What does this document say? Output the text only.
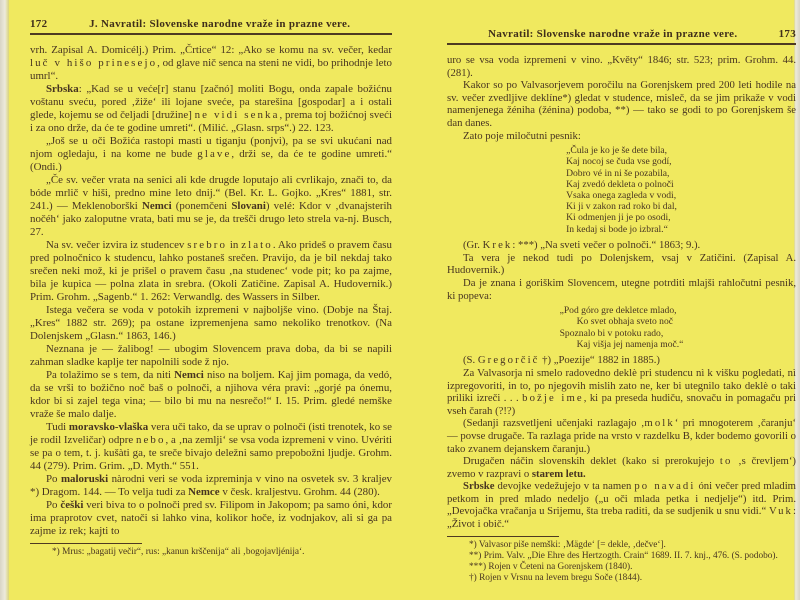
172	J. Navratil: Slovenske narodne vraže in prazne vere.

vrh. Zapisal A. Domicélj.) Prim. „Črtice“ 12: „Ako se komu na sv. večer, kedar luč v hišo prinesejo, od glave nič senca na steni ne vidi, bo prihodnje leto umrl“.

Srbska: „Kad se u veće[r] stanu [začnó] moliti Bogu, onda zapale božićnu voštanu sveću, pored ‚žiže‘ ili lojane sveće, pa starešina [gospodar] a i ostali glede, kojemu se od čeljadi [družine] ne vidi senka, prema toj božićnoj sveći i za ono drže, da će te godine umreti“. (Milić. „Glasn. srps“.) 22. 123.

„Još se u oči Božića rastopi masti u tiganju (ponjvi), pa se svi ukućani nad njom ogledaju, i na kome ne bude glave, drži se, da će te godine umreti.“ (Ondi.)

„Če sv. večer vrata na senici ali kde drugde loputajo ali cvrlikajo, znači to, da bóde mrlič v hiši, predno mine leto dnij.“ (Bel. Kr. L. Gojko. „Kres“ 1881, str. 241.) — Meklenoborški Nemci (ponemčeni Slovani) velé: Kdor v ‚dvanajsterih nočéh‘ jako zaloputne vrata, bati mu se je, da trešči drugo leto strela va-nj. Busch, 27.

Na sv. večer izvira iz studencev srebro in zlato. Ako prideš o pravem času pred polnočnico k studencu, lahko postaneš srečen. Pravijo, da je bil nekdaj tako srečen neki mož, ki je prišel o pravem času ‚na studenec‘ vode pit; ko pa zajme, bila je kupica — polna zlata in srebra. (Okoli Zatičine. Zapisal A. Hudovernik.) Prim. Grohm. „Sagenb.“ 1. 262: Verwandlg. des Wassers in Silber.

Istega večera se voda v potokih izpremeni v najboljše vino. (Dobje na Štaj. „Kres“ 1882 str. 269); pa ostane izpremenjena samo nekoliko trenotkov. (Na Dolenjskem „Glasn.“ 1863, 146.)

Neznana je — žalibog! — ubogim Slovencem prava doba, da bi se napili zahman sladke kaplje ter napolnili sode ž njo.

Pa tolažimo se s tem, da niti Nemci niso na boljem. Kaj jim pomaga, da vedó, da se vrši to božično noč baš o polnoči, a njihova véra pravi: „gorjé pa ónemu, kdor bi si zajel tega vina; — bilo bi mu na nesrečo!“ I. 15. Prim. gledé nemške vraže še malo dalje.

Tudi moravsko-vlaška vera uči tako, da se uprav o polnoči (isti trenotek, ko se je rodil Izveličar) odpre nebo, a ‚na zemlji‘ se vsa voda izpremeni v vino. Uvériti se pa o tem, t. j. kušàti ga, te sreče bivajo deležni samo prepobožni ljudje. Grohm. 44 (279). Prim. Grim. „D. Myth.“ 551.

Po maloruski nàrodni veri se voda izpreminja v vino na osvetek sv. 3 kraljev *) Dragom. 144. — To velja tudi za Nemce v česk. kraljestvu. Grohm. 44 (280).

Po češki veri biva to o polnoči pred sv. Filipom in Jakopom; pa samo óni, kdor ima praprotov cvet, natoči si lahko vina, kolikor hoče, iz vodnjakov, ali si ga pa zajme iz rek; kajti to

*) Mrus: „bagatij večir“, rus: „kanun krščenija“ ali ‚bogojavljénija‘.

Navratil: Slovenske narodne vraže in prazne vere.	173

uro se vsa voda izpremeni v vino. „Květy“ 1846; str. 523; prim. Grohm. 44. (281).

Kakor so po Valvasorjevem poročilu na Gorenjskem pred 200 leti hodile na sv. večer zvedljive deklíne*) gledat v studence, misleč, da se jim prikaže v vodi namenjenega žéniha (žénina) podoba, **) — tako se godi to po Gorenjskem še dan danes.

Zato poje miločutni pesnik:

„Čula je ko je še dete bila,
Kaj nocoj se čuda vse godí,
Dobro vé in ni še pozabila,
Kaj zvedó dekleta o polnoči
Vsaka onega zagleda v vodi,
Ki ji v zakon rad roko bi dal,
Ki odmenjen ji je po osodi,
In kedaj si bode jo izbral.“

(Gr. Krek: ***) „Na sveti večer o polnoči.“ 1863; 9.).

Ta vera je nekod tudi po Dolenjskem, vsaj v Zatičini. (Zapisal A. Hudovernik.)

Da je znana i goriškim Slovencem, utegne potrditi mlajši rahločutni pesnik, ki popeva:

„Pod góro gre dekletce mlado,
Ko svet obhaja sveto noč
Spoznalo bi v potoku rado,
Kaj višja jej namenja moč.“

(S. Gregorčič †) „Poezije“ 1882 in 1885.)

Za Valvasorja ni smelo radovedno deklè pri studencu nì k višku pogledati, nì izpregovoriti, in to, po njegovih mislih zato ne, ker bi utegnilo tako deklè o taki priliki izreči . . . božje ime, ki pa preseda hudiču, snovaču in pomagaču pri vseh čarah (?!?)

(Sedanji razsvetljeni učenjaki razlagajo ‚molk‘ pri mnogoterem ‚čaranju‘ — povse drugače. Ta razlaga pride na vrsto v razdelku B, kder bodemo govorili o tako zvanem dejanskem čaranju.)

Drugačen náčin slovenskih deklet (kako si prerokujejo to ‚s črevljem‘) zvemo v razpravi o starem letu.

Srbske devojke vedežujejo v ta namen po navadi óni večer pred mladim petkom in pred mlado nedeljo („u oči mlada petka i nedjelje“) itd. Prim. „Devojačka vračanja u Srijemu, šta treba raditi, da se sudjenik u snu vidi.“ Vuk: „Život i obič.“

*) Valvasor piše nemški: ‚Mägde‘ [= dekle, ‚dečve‘].

**) Prim. Valv. „Die Ehre des Hertzogth. Crain“ 1689. II. 7. knj., 476. (S. podobo).

***) Rojen v Četeni na Gorenjskem (1840).

†) Rojen v Vrsnu na levem bregu Soče (1844).
